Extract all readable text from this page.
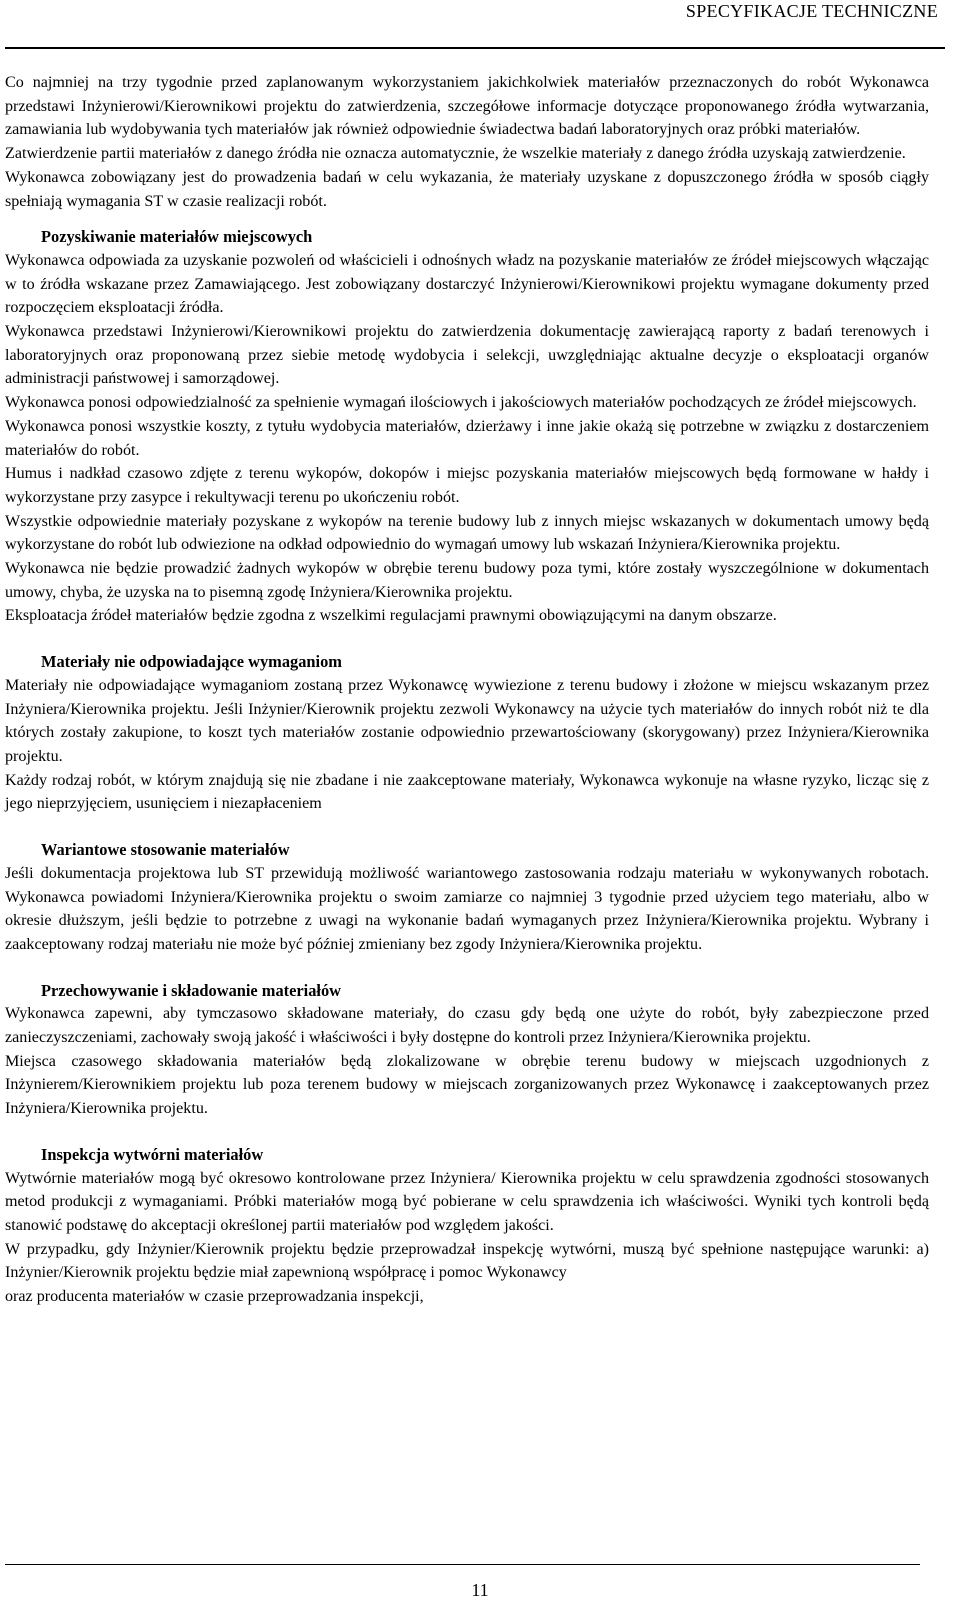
SPECYFIKACJE TECHNICZNE

Co najmniej na trzy tygodnie przed zaplanowanym wykorzystaniem jakichkolwiek materiałów przeznaczonych do robót Wykonawca przedstawi Inżynierowi/Kierownikowi projektu do zatwierdzenia, szczegółowe informacje dotyczące proponowanego źródła wytwarzania, zamawiania lub wydobywania tych materiałów jak również odpowiednie świadectwa badań laboratoryjnych oraz próbki materiałów.

Zatwierdzenie partii materiałów z danego źródła nie oznacza automatycznie, że wszelkie materiały z danego źródła uzyskają zatwierdzenie.

Wykonawca zobowiązany jest do prowadzenia badań w celu wykazania, że materiały uzyskane z dopuszczonego źródła w sposób ciągły spełniają wymagania ST w czasie realizacji robót.

Pozyskiwanie materiałów miejscowych

Wykonawca odpowiada za uzyskanie pozwoleń od właścicieli i odnośnych władz na pozyskanie materiałów ze źródeł miejscowych włączając w to źródła wskazane przez Zamawiającego. Jest zobowiązany dostarczyć Inżynierowi/Kierownikowi projektu wymagane dokumenty przed rozpoczęciem eksploatacji źródła.

Wykonawca przedstawi Inżynierowi/Kierownikowi projektu do zatwierdzenia dokumentację zawierającą raporty z badań terenowych i laboratoryjnych oraz proponowaną przez siebie metodę wydobycia i selekcji, uwzględniając aktualne decyzje o eksploatacji organów administracji państwowej i samorządowej.

Wykonawca ponosi odpowiedzialność za spełnienie wymagań ilościowych i jakościowych materiałów pochodzących ze źródeł miejscowych.

Wykonawca ponosi wszystkie koszty, z tytułu wydobycia materiałów, dzierżawy i inne jakie okażą się potrzebne w związku z dostarczeniem materiałów do robót.

Humus i nadkład czasowo zdjęte z terenu wykopów, dokopów i miejsc pozyskania materiałów miejscowych będą formowane w hałdy i wykorzystane przy zasypce i rekultywacji terenu po ukończeniu robót.

Wszystkie odpowiednie materiały pozyskane z wykopów na terenie budowy lub z innych miejsc wskazanych w dokumentach umowy będą wykorzystane do robót lub odwiezione na odkład odpowiednio do wymagań umowy lub wskazań Inżyniera/Kierownika projektu.

Wykonawca nie będzie prowadzić żadnych wykopów w obrębie terenu budowy poza tymi, które zostały wyszczególnione w dokumentach umowy, chyba, że uzyska na to pisemną zgodę Inżyniera/Kierownika projektu.

Eksploatacja źródeł materiałów będzie zgodna z wszelkimi regulacjami prawnymi obowiązującymi na danym obszarze.

Materiały nie odpowiadające wymaganiom

Materiały nie odpowiadające wymaganiom zostaną przez Wykonawcę wywiezione z terenu budowy i złożone w miejscu wskazanym przez Inżyniera/Kierownika projektu. Jeśli Inżynier/Kierownik projektu zezwoli Wykonawcy na użycie tych materiałów do innych robót niż te dla których zostały zakupione, to koszt tych materiałów zostanie odpowiednio przewartościowany (skorygowany) przez Inżyniera/Kierownika projektu.

Każdy rodzaj robót, w którym znajdują się nie zbadane i nie zaakceptowane materiały, Wykonawca wykonuje na własne ryzyko, licząc się z jego nieprzyjęciem, usunięciem i niezapłaceniem

Wariantowe stosowanie materiałów

Jeśli dokumentacja projektowa lub ST przewidują możliwość wariantowego zastosowania rodzaju materiału w wykonywanych robotach. Wykonawca powiadomi Inżyniera/Kierownika projektu o swoim zamiarze co najmniej 3 tygodnie przed użyciem tego materiału, albo w okresie dłuższym, jeśli będzie to potrzebne z uwagi na wykonanie badań wymaganych przez Inżyniera/Kierownika projektu. Wybrany i zaakceptowany rodzaj materiału nie może być później zmieniany bez zgody Inżyniera/Kierownika projektu.

Przechowywanie i składowanie materiałów

Wykonawca zapewni, aby tymczasowo składowane materiały, do czasu gdy będą one użyte do robót, były zabezpieczone przed zanieczyszczeniami, zachowały swoją jakość i właściwości i były dostępne do kontroli przez Inżyniera/Kierownika projektu.

Miejsca czasowego składowania materiałów będą zlokalizowane w obrębie terenu budowy w miejscach uzgodnionych z Inżynierem/Kierownikiem projektu lub poza terenem budowy w miejscach zorganizowanych przez Wykonawcę i zaakceptowanych przez Inżyniera/Kierownika projektu.

Inspekcja wytwórni materiałów

Wytwórnie materiałów mogą być okresowo kontrolowane przez Inżyniera/ Kierownika projektu w celu sprawdzenia zgodności stosowanych metod produkcji z wymaganiami. Próbki materiałów mogą być pobierane w celu sprawdzenia ich właściwości. Wyniki tych kontroli będą stanowić podstawę do akceptacji określonej partii materiałów pod względem jakości.

W przypadku, gdy Inżynier/Kierownik projektu będzie przeprowadzał inspekcję wytwórni, muszą być spełnione następujące warunki: a) Inżynier/Kierownik projektu będzie miał zapewnioną współpracę i pomoc Wykonawcy

oraz producenta materiałów w czasie przeprowadzania inspekcji,

11
